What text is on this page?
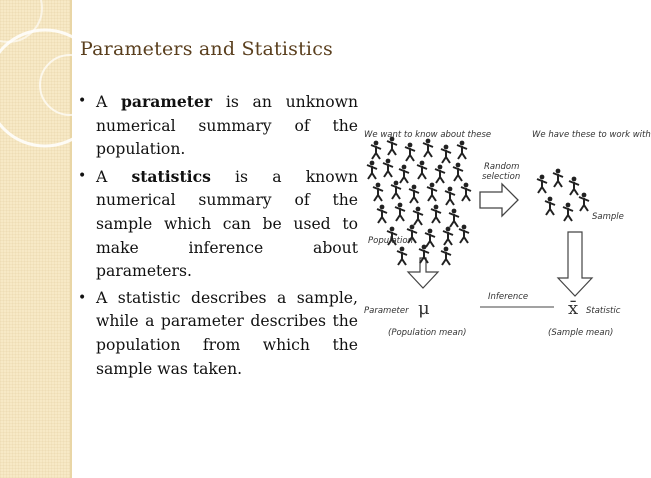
Parameters and Statistics
• A parameter is an unknown numerical summary of the population.
• A statistics is a known numerical summary of the sample which can be used to make inference about parameters.
• A statistic describes a sample, while a parameter describes the population from which the sample was taken.
We want to know about these	We have these to work with
Random
selection
Population
Sample
Parameter
Inference
Statistic
μ	x̄
(Population mean)	(Sample mean)
